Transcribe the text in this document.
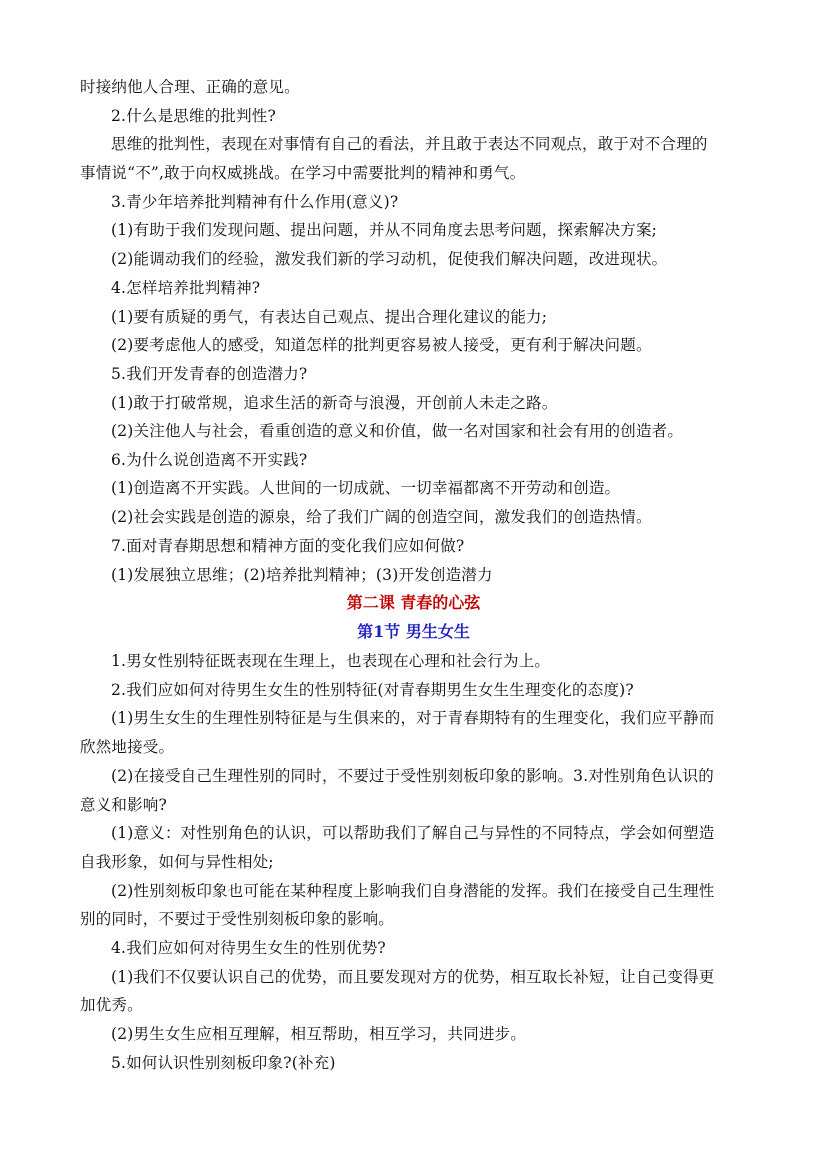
时接纳他人合理、正确的意见。
2.什么是思维的批判性?
思维的批判性，表现在对事情有自己的看法，并且敢于表达不同观点，敢于对不合理的
事情说“不”,敢于向权威挑战。在学习中需要批判的精神和勇气。
3.青少年培养批判精神有什么作用(意义)?
(1)有助于我们发现问题、提出问题，并从不同角度去思考问题，探索解决方案;
(2)能调动我们的经验，激发我们新的学习动机，促使我们解决问题，改进现状。
4.怎样培养批判精神?
(1)要有质疑的勇气，有表达自己观点、提出合理化建议的能力;
(2)要考虑他人的感受，知道怎样的批判更容易被人接受，更有利于解决问题。
5.我们开发青春的创造潜力?
(1)敢于打破常规，追求生活的新奇与浪漫，开创前人未走之路。
(2)关注他人与社会，看重创造的意义和价值，做一名对国家和社会有用的创造者。
6.为什么说创造离不开实践?
(1)创造离不开实践。人世间的一切成就、一切幸福都离不开劳动和创造。
(2)社会实践是创造的源泉，给了我们广阔的创造空间，激发我们的创造热情。
7.面对青春期思想和精神方面的变化我们应如何做?
(1)发展独立思维；(2)培养批判精神；(3)开发创造潜力
第二课 青春的心弦
第1节 男生女生
1.男女性别特征既表现在生理上，也表现在心理和社会行为上。
2.我们应如何对待男生女生的性别特征(对青春期男生女生生理变化的态度)?
(1)男生女生的生理性别特征是与生俱来的，对于青春期特有的生理变化，我们应平静而
欣然地接受。
(2)在接受自己生理性别的同时，不要过于受性别刻板印象的影响。3.对性别角色认识的
意义和影响?
(1)意义：对性别角色的认识，可以帮助我们了解自己与异性的不同特点，学会如何塑造
自我形象，如何与异性相处;
(2)性别刻板印象也可能在某种程度上影响我们自身潜能的发挥。我们在接受自己生理性
别的同时，不要过于受性别刻板印象的影响。
4.我们应如何对待男生女生的性别优势?
(1)我们不仅要认识自己的优势，而且要发现对方的优势，相互取长补短，让自己变得更
加优秀。
(2)男生女生应相互理解，相互帮助，相互学习，共同进步。
5.如何认识性别刻板印象?(补充)
